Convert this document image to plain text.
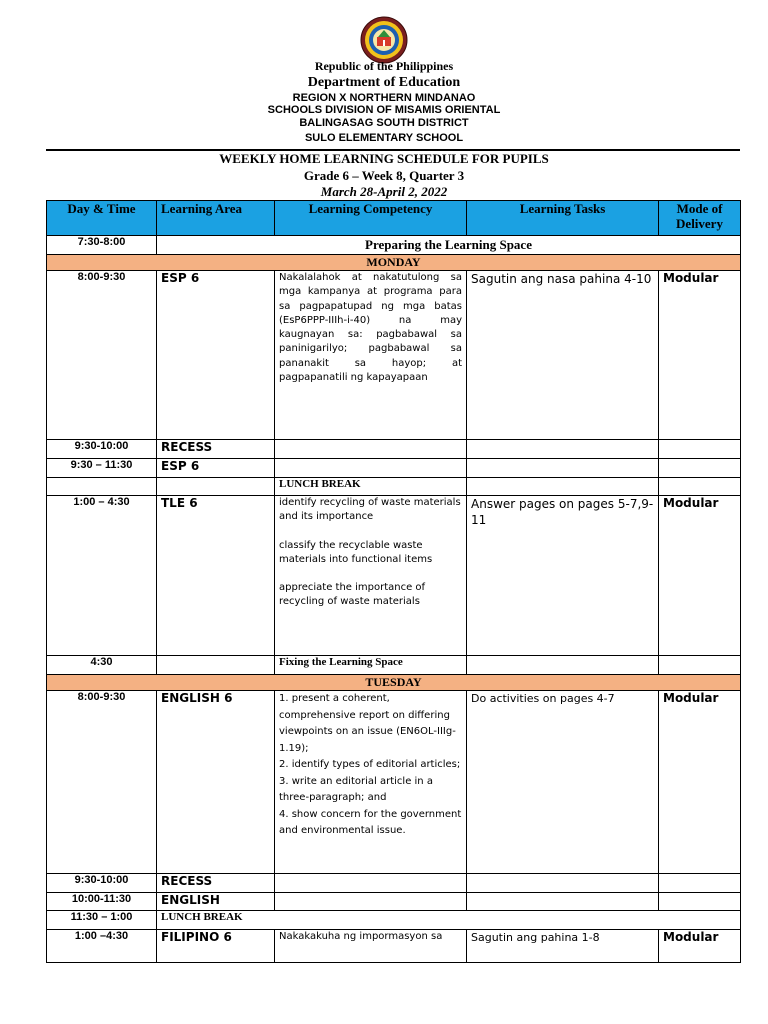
Republic of the Philippines
Department of Education
REGION X NORTHERN MINDANAO
SCHOOLS DIVISION OF MISAMIS ORIENTAL
BALINGASAG SOUTH DISTRICT
SULO ELEMENTARY SCHOOL
WEEKLY HOME LEARNING SCHEDULE FOR PUPILS
Grade 6 – Week 8, Quarter 3
March 28-April 2, 2022
Day & Time	Learning Area	Learning Competency	Learning Tasks	Mode of Delivery
7:30-8:00	Preparing the Learning Space			
MONDAY				
8:00-9:30	ESP 6	Nakalalahok at nakatutulong sa mga kampanya at programa para sa pagpapatupad ng mga batas (EsP6PPP-IIIh-i-40) na may kaugnayan sa: pagbabawal sa paninigarilyo; pagbabawal sa pananakit sa hayop; at pagpapanatili ng kapayapaan	Sagutin ang nasa pahina 4-10	Modular
9:30-10:00	RECESS			
9:30 – 11:30	ESP 6			
		LUNCH BREAK		
1:00 – 4:30	TLE 6	identify recycling of waste materials and its importance
classify the recyclable waste materials into functional items
appreciate the importance of recycling of waste materials	Answer pages on pages 5-7,9-11	Modular
4:30		Fixing the Learning Space		
TUESDAY				
8:00-9:30	ENGLISH 6	1. present a coherent, comprehensive report on differing viewpoints on an issue (EN6OL-IIIg-1.19);
2. identify types of editorial articles;
3. write an editorial article in a three-paragraph; and
4. show concern for the government and environmental issue.	Do activities on pages 4-7	Modular
9:30-10:00	RECESS			
10:00-11:30	ENGLISH			
11:30 – 1:00	LUNCH BREAK			
1:00 –4:30	FILIPINO 6	Nakakakuha ng impormasyon sa	Sagutin ang pahina 1-8	Modular
